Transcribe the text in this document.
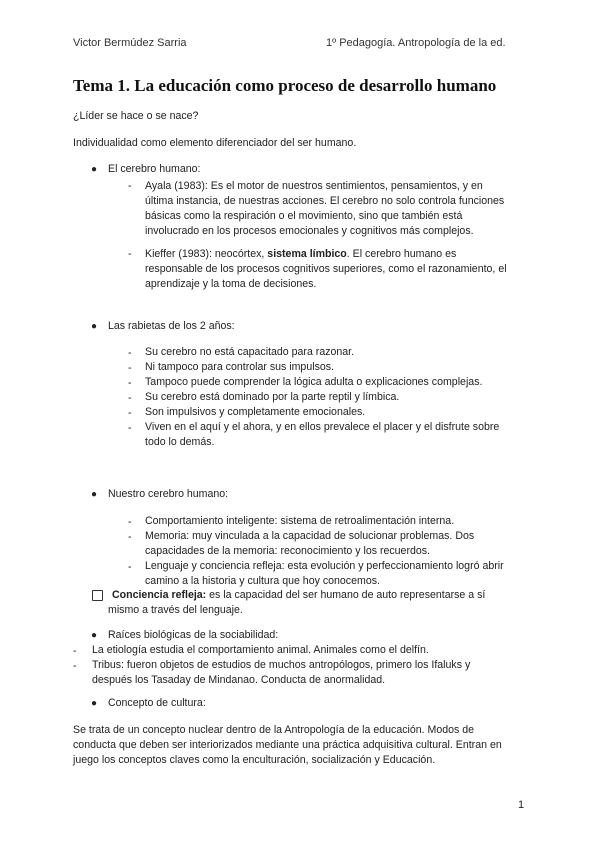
Victor Bermúdez Sarria	1º Pedagogía. Antropología de la ed.
Tema 1. La educación como proceso de desarrollo humano
¿Líder se hace o se nace?
Individualidad como elemento diferenciador del ser humano.
● El cerebro humano:
- Ayala (1983): Es el motor de nuestros sentimientos, pensamientos, y en
última instancia, de nuestras acciones. El cerebro no solo controla funciones
básicas como la respiración o el movimiento, sino que también está
involucrado en los procesos emocionales y cognitivos más complejos.
- Kieffer (1983): neocórtex, sistema límbico. El cerebro humano es
responsable de los procesos cognitivos superiores, como el razonamiento, el
aprendizaje y la toma de decisiones.
● Las rabietas de los 2 años:
- Su cerebro no está capacitado para razonar.
- Ni tampoco para controlar sus impulsos.
- Tampoco puede comprender la lógica adulta o explicaciones complejas.
- Su cerebro está dominado por la parte reptil y límbica.
- Son impulsivos y completamente emocionales.
- Viven en el aquí y el ahora, y en ellos prevalece el placer y el disfrute sobre
todo lo demás.
● Nuestro cerebro humano:
- Comportamiento inteligente: sistema de retroalimentación interna.
- Memoria: muy vinculada a la capacidad de solucionar problemas. Dos
capacidades de la memoria: reconocimiento y los recuerdos.
- Lenguaje y conciencia refleja: esta evolución y perfeccionamiento logró abrir
camino a la historia y cultura que hoy conocemos.
Conciencia refleja: es la capacidad del ser humano de auto representarse a sí
mismo a través del lenguaje.
● Raíces biológicas de la sociabilidad:
- La etiología estudia el comportamiento animal. Animales como el delfín.
- Tribus: fueron objetos de estudios de muchos antropólogos, primero los Ifaluks y
después los Tasaday de Mindanao. Conducta de anormalidad.
● Concepto de cultura:
Se trata de un concepto nuclear dentro de la Antropología de la educación. Modos de
conducta que deben ser interiorizados mediante una práctica adquisitiva cultural. Entran en
juego los conceptos claves como la enculturación, socialización y Educación.
1
